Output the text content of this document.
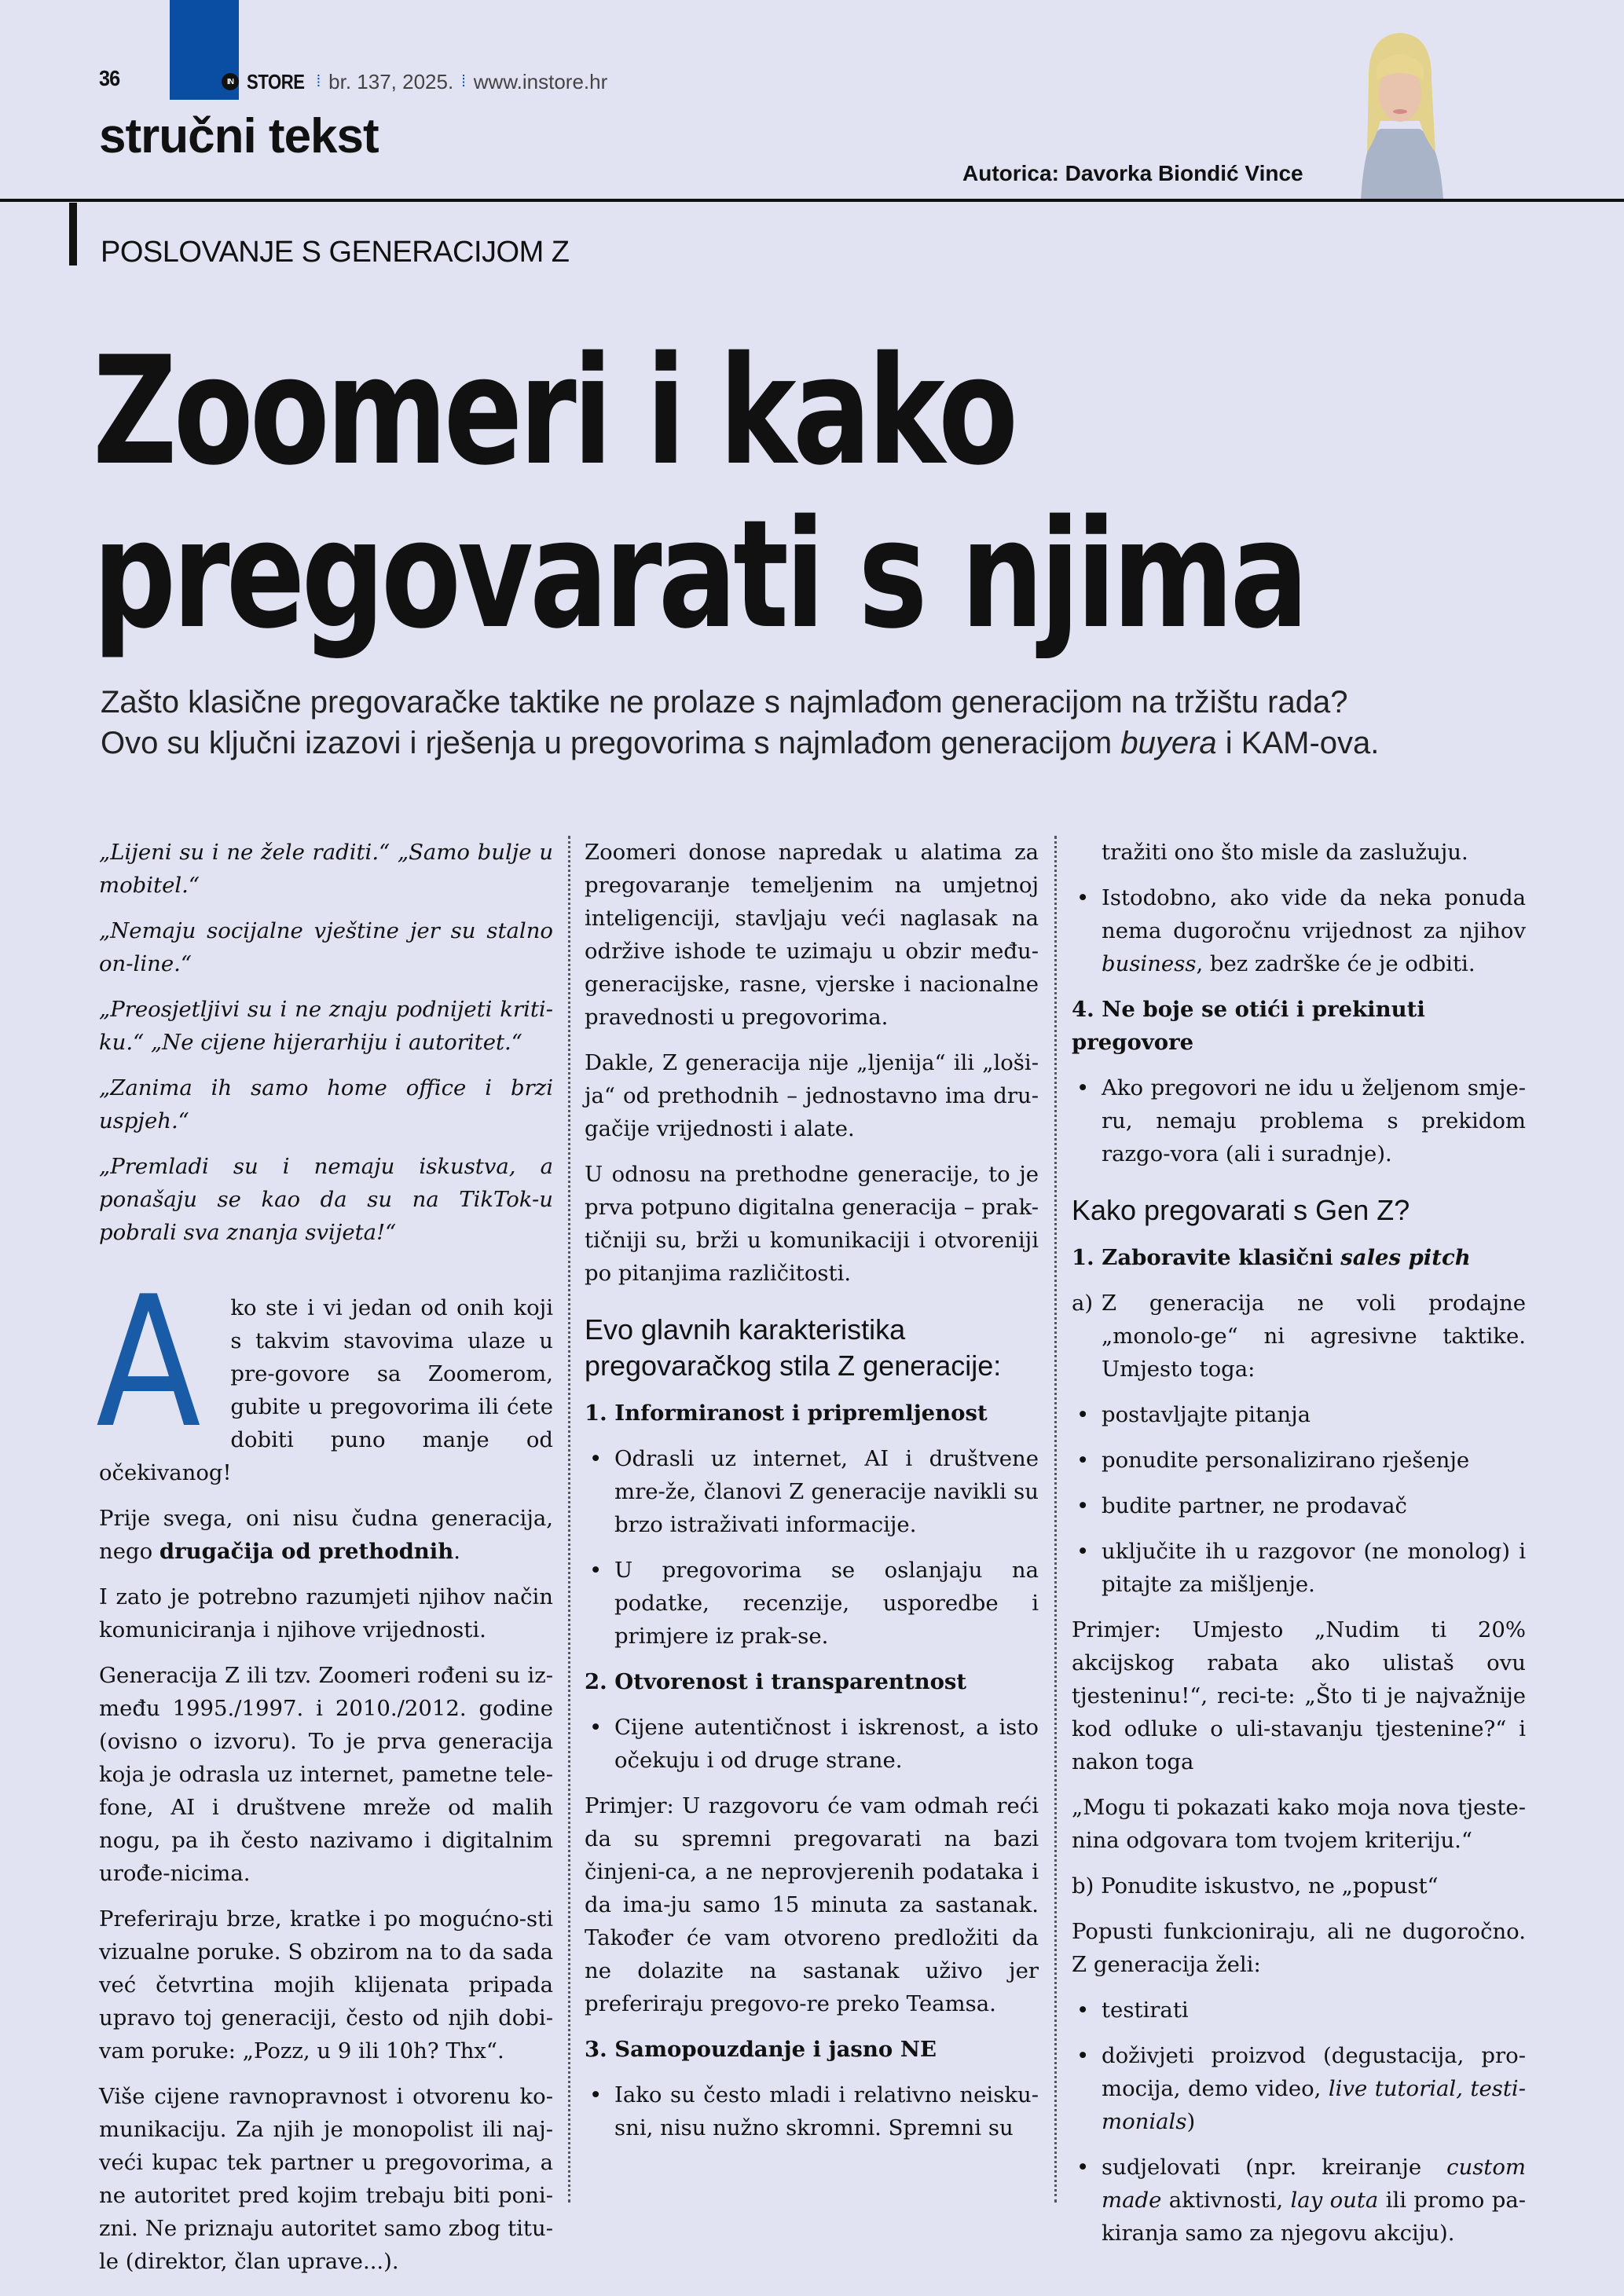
36	IN STORE ⁞ br. 137, 2025. ⁞ www.instore.hr
stručni tekst
Autorica: Davorka Biondić Vince
POSLOVANJE S GENERACIJOM Z
Zoomeri i kako
pregovarati s njima
Zašto klasične pregovaračke taktike ne prolaze s najmlađom generacijom na tržištu rada?
Ovo su ključni izazovi i rješenja u pregovorima s najmlađom generacijom buyera i KAM-ova.

„Lijeni su i ne žele raditi.“ „Samo bulje u mobitel.“

„Nemaju socijalne vještine jer su stalno on-line.“

„Preosjetljivi su i ne znaju podnijeti kriti-ku.“ „Ne cijene hijerarhiju i autoritet.“

„Zanima ih samo home office i brzi uspjeh.“

„Premladi su i nemaju iskustva, a ponašaju se kao da su na TikTok-u pobrali sva znanja svijeta!“

A ko ste i vi jedan od onih koji s takvim stavovima ulaze u pre-govore sa Zoomerom, gubite u pregovorima ili ćete dobiti puno manje od očekivanog!

Prije svega, oni nisu čudna generacija, nego drugačija od prethodnih.

I zato je potrebno razumjeti njihov način komuniciranja i njihove vrijednosti.

Generacija Z ili tzv. Zoomeri rođeni su iz-među 1995./1997. i 2010./2012. godine (ovisno o izvoru). To je prva generacija koja je odrasla uz internet, pametne tele-fone, AI i društvene mreže od malih nogu, pa ih često nazivamo i digitalnim urođe-nicima.

Preferiraju brze, kratke i po mogućno-sti vizualne poruke. S obzirom na to da sada već četvrtina mojih klijenata pripada upravo toj generaciji, često od njih dobi-vam poruke: „Pozz, u 9 ili 10h? Thx“.

Više cijene ravnopravnost i otvorenu ko-munikaciju. Za njih je monopolist ili naj-veći kupac tek partner u pregovorima, a ne autoritet pred kojim trebaju biti poni-zni. Ne priznaju autoritet samo zbog titu-le (direktor, član uprave...).

Zoomeri donose napredak u alatima za pregovaranje temeljenim na umjetnoj inteligenciji, stavljaju veći naglasak na održive ishode te uzimaju u obzir među-generacijske, rasne, vjerske i nacionalne pravednosti u pregovorima.

Dakle, Z generacija nije „ljenija“ ili „loši-ja“ od prethodnih – jednostavno ima dru-gačije vrijednosti i alate.

U odnosu na prethodne generacije, to je prva potpuno digitalna generacija – prak-tičniji su, brži u komunikaciji i otvoreniji po pitanjima različitosti.

Evo glavnih karakteristika pregovaračkog stila Z generacije:

1. Informiranost i pripremljenost

• Odrasli uz internet, AI i društvene mre-že, članovi Z generacije navikli su brzo istraživati informacije.

• U pregovorima se oslanjaju na podatke, recenzije, usporedbe i primjere iz prak-se.

2. Otvorenost i transparentnost

• Cijene autentičnost i iskrenost, a isto očekuju i od druge strane.

Primjer: U razgovoru će vam odmah reći da su spremni pregovarati na bazi činjeni-ca, a ne neprovjerenih podataka i da ima-ju samo 15 minuta za sastanak. Također će vam otvoreno predložiti da ne dolazite na sastanak uživo jer preferiraju pregovo-re preko Teamsa.

3. Samopouzdanje i jasno NE

• Iako su često mladi i relativno neisku-sni, nisu nužno skromni. Spremni su

tražiti ono što misle da zaslužuju.

• Istodobno, ako vide da neka ponuda nema dugoročnu vrijednost za njihov business, bez zadrške će je odbiti.

4. Ne boje se otići i prekinuti pregovore

• Ako pregovori ne idu u željenom smje-ru, nemaju problema s prekidom razgo-vora (ali i suradnje).

Kako pregovarati s Gen Z?

1. Zaboravite klasični sales pitch

a) Z generacija ne voli prodajne „monolo-ge“ ni agresivne taktike. Umjesto toga:

• postavljajte pitanja

• ponudite personalizirano rješenje

• budite partner, ne prodavač

• uključite ih u razgovor (ne monolog) i pitajte za mišljenje.

Primjer: Umjesto „Nudim ti 20% akcijskog rabata ako ulistaš ovu tjesteninu!“, reci-te: „Što ti je najvažnije kod odluke o uli-stavanju tjestenine?“ i nakon toga

„Mogu ti pokazati kako moja nova tjeste-nina odgovara tom tvojem kriteriju.“

b) Ponudite iskustvo, ne „popust“

Popusti funkcioniraju, ali ne dugoročno. Z generacija želi:

• testirati

• doživjeti proizvod (degustacija, pro-mocija, demo video, live tutorial, testi-monials)

• sudjelovati (npr. kreiranje custom made aktivnosti, lay outa ili promo pa-kiranja samo za njegovu akciju).
